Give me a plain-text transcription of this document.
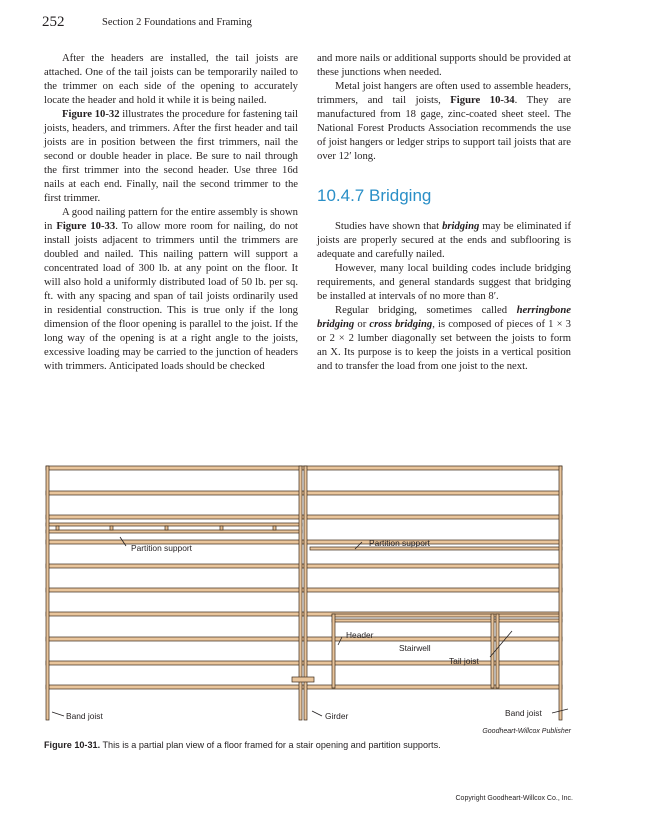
252	Section 2 Foundations and Framing

After the headers are installed, the tail joists are attached. One of the tail joists can be temporarily nailed to the trimmer on each side of the opening to accurately locate the header and hold it while it is being nailed.

Figure 10-32 illustrates the procedure for fastening tail joists, headers, and trimmers. After the first header and tail joists are in position between the first trimmers, nail the second or double header in place. Be sure to nail through the first trimmer into the second header. Use three 16d nails at each end. Finally, nail the second trimmer to the first trimmer.

A good nailing pattern for the entire assembly is shown in Figure 10-33. To allow more room for nailing, do not install joists adjacent to trimmers until the trimmers are doubled and nailed. This nailing pattern will support a concentrated load of 300 lb. at any point on the floor. It will also hold a uniformly distributed load of 50 lb. per sq. ft. with any spacing and span of tail joists ordinarily used in residential construction. This is true only if the long dimension of the floor opening is parallel to the joist. If the long way of the opening is at a right angle to the joists, excessive loading may be carried to the junction of headers with trimmers. Anticipated loads should be checked

and more nails or additional supports should be provided at these junctions when needed.

Metal joist hangers are often used to assemble headers, trimmers, and tail joists, Figure 10-34. They are manufactured from 18 gage, zinc-coated sheet steel. The National Forest Products Association recommends the use of joist hangers or ledger strips to support tail joists that are over 12′ long.

10.4.7 Bridging

Studies have shown that bridging may be eliminated if joists are properly secured at the ends and subflooring is adequate and carefully nailed.

However, many local building codes include bridging requirements, and general standards suggest that bridging be installed at intervals of no more than 8′.

Regular bridging, sometimes called herringbone bridging or cross bridging, is composed of pieces of 1 × 3 or 2 × 2 lumber diagonally set between the joists to form an X. Its purpose is to keep the joists in a vertical position and to transfer the load from one joist to the next.

Partition support	Partition support
Header
Stairwell
Tail joist
Band joist	Girder	Band joist
Goodheart-Willcox Publisher
Figure 10-31. This is a partial plan view of a floor framed for a stair opening and partition supports.
Copyright Goodheart-Willcox Co., Inc.
